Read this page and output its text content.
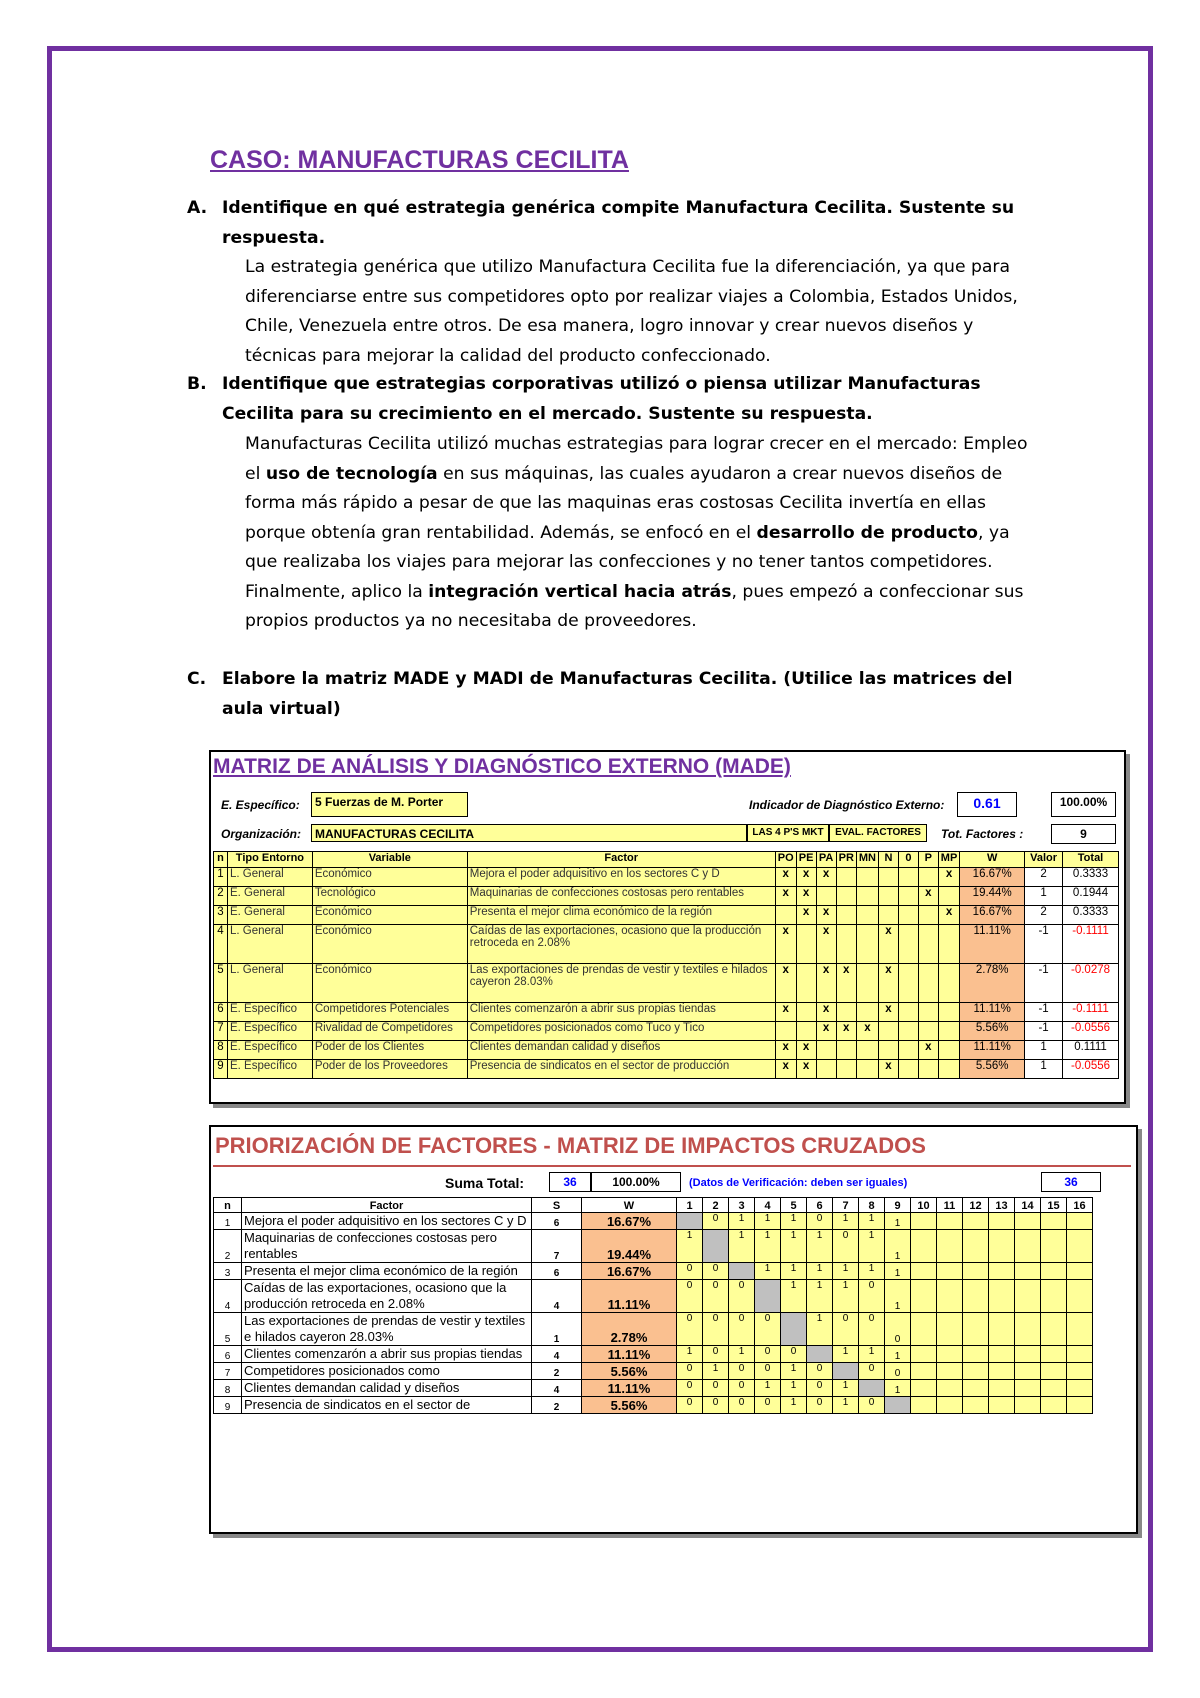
CASO: MANUFACTURAS CECILITA
A. Identifique en qué estrategia genérica compite Manufactura Cecilita. Sustente su respuesta.
La estrategia genérica que utilizo Manufactura Cecilita fue la diferenciación, ya que para diferenciarse entre sus competidores opto por realizar viajes a Colombia, Estados Unidos, Chile, Venezuela entre otros. De esa manera, logro innovar y crear nuevos diseños y técnicas para mejorar la calidad del producto confeccionado.
B. Identifique que estrategias corporativas utilizó o piensa utilizar Manufacturas Cecilita para su crecimiento en el mercado. Sustente su respuesta.
Manufacturas Cecilita utilizó muchas estrategias para lograr crecer en el mercado: Empleo el uso de tecnología en sus máquinas, las cuales ayudaron a crear nuevos diseños de forma más rápido a pesar de que las maquinas eras costosas Cecilita invertía en ellas porque obtenía gran rentabilidad. Además, se enfocó en el desarrollo de producto, ya que realizaba los viajes para mejorar las confecciones y no tener tantos competidores. Finalmente, aplico la integración vertical hacia atrás, pues empezó a confeccionar sus propios productos ya no necesitaba de proveedores.
C. Elabore la matriz MADE y MADI de Manufacturas Cecilita. (Utilice las matrices del aula virtual)
MATRIZ DE ANÁLISIS Y DIAGNÓSTICO EXTERNO (MADE)
E. Específico:	5 Fuerzas de M. Porter	Indicador de Diagnóstico Externo:	0.61	100.00%
Organización:	MANUFACTURAS CECILITA	LAS 4 P'S MKT	EVAL. FACTORES	Tot. Factores :	9
n	Tipo Entorno	Variable	Factor	PO	PE	PA	PR	MN	N	0	P	MP	W	Valor	Total
1	L. General	Económico	Mejora el poder adquisitivo en los sectores C y D	x	x	x						x	16.67%	2	0.3333
2	E. General	Tecnológico	Maquinarias de confecciones costosas pero rentables	x	x						x		19.44%	1	0.1944
3	E. General	Económico	Presenta el mejor clima económico de la región		x	x						x	16.67%	2	0.3333
4	L. General	Económico	Caídas de las exportaciones, ocasiono que la producción retroceda en 2.08%	x		x			x				11.11%	-1	-0.1111
5	L. General	Económico	Las exportaciones de prendas de vestir y textiles e hilados cayeron 28.03%	x		x	x		x				2.78%	-1	-0.0278
6	E. Específico	Competidores Potenciales	Clientes comenzarón a abrir sus propias tiendas	x		x			x				11.11%	-1	-0.1111
7	E. Específico	Rivalidad de Competidores	Competidores posicionados como Tuco y Tico			x	x	x					5.56%	-1	-0.0556
8	E. Específico	Poder de los Clientes	Clientes demandan calidad y diseños	x	x						x		11.11%	1	0.1111
9	E. Específico	Poder de los Proveedores	Presencia de sindicatos en el sector de producción	x	x				x				5.56%	1	-0.0556
PRIORIZACIÓN DE FACTORES - MATRIZ DE IMPACTOS CRUZADOS
Suma Total:	36	100.00%	(Datos de Verificación: deben ser iguales)	36
n	Factor	S	W	1	2	3	4	5	6	7	8	9	10	11	12	13	14	15	16
1	Mejora el poder adquisitivo en los sectores C y D	6	16.67%		0	1	1	1	0	1	1	1							
2	Maquinarias de confecciones costosas pero rentables	7	19.44%	1		1	1	1	1	0	1	1							
3	Presenta el mejor clima económico de la región	6	16.67%	0	0		1	1	1	1	1	1							
4	Caídas de las exportaciones, ocasiono que la producción retroceda en 2.08%	4	11.11%	0	0	0		1	1	1	0	1							
5	Las exportaciones de prendas de vestir y textiles e hilados cayeron 28.03%	1	2.78%	0	0	0	0		1	0	0	0							
6	Clientes comenzarón a abrir sus propias tiendas	4	11.11%	1	0	1	0	0		1	1	1							
7	Competidores posicionados como	2	5.56%	0	1	0	0	1	0		0	0							
8	Clientes demandan calidad y diseños	4	11.11%	0	0	0	1	1	0	1		1							
9	Presencia de sindicatos en el sector de	2	5.56%	0	0	0	0	1	0	1	0								
